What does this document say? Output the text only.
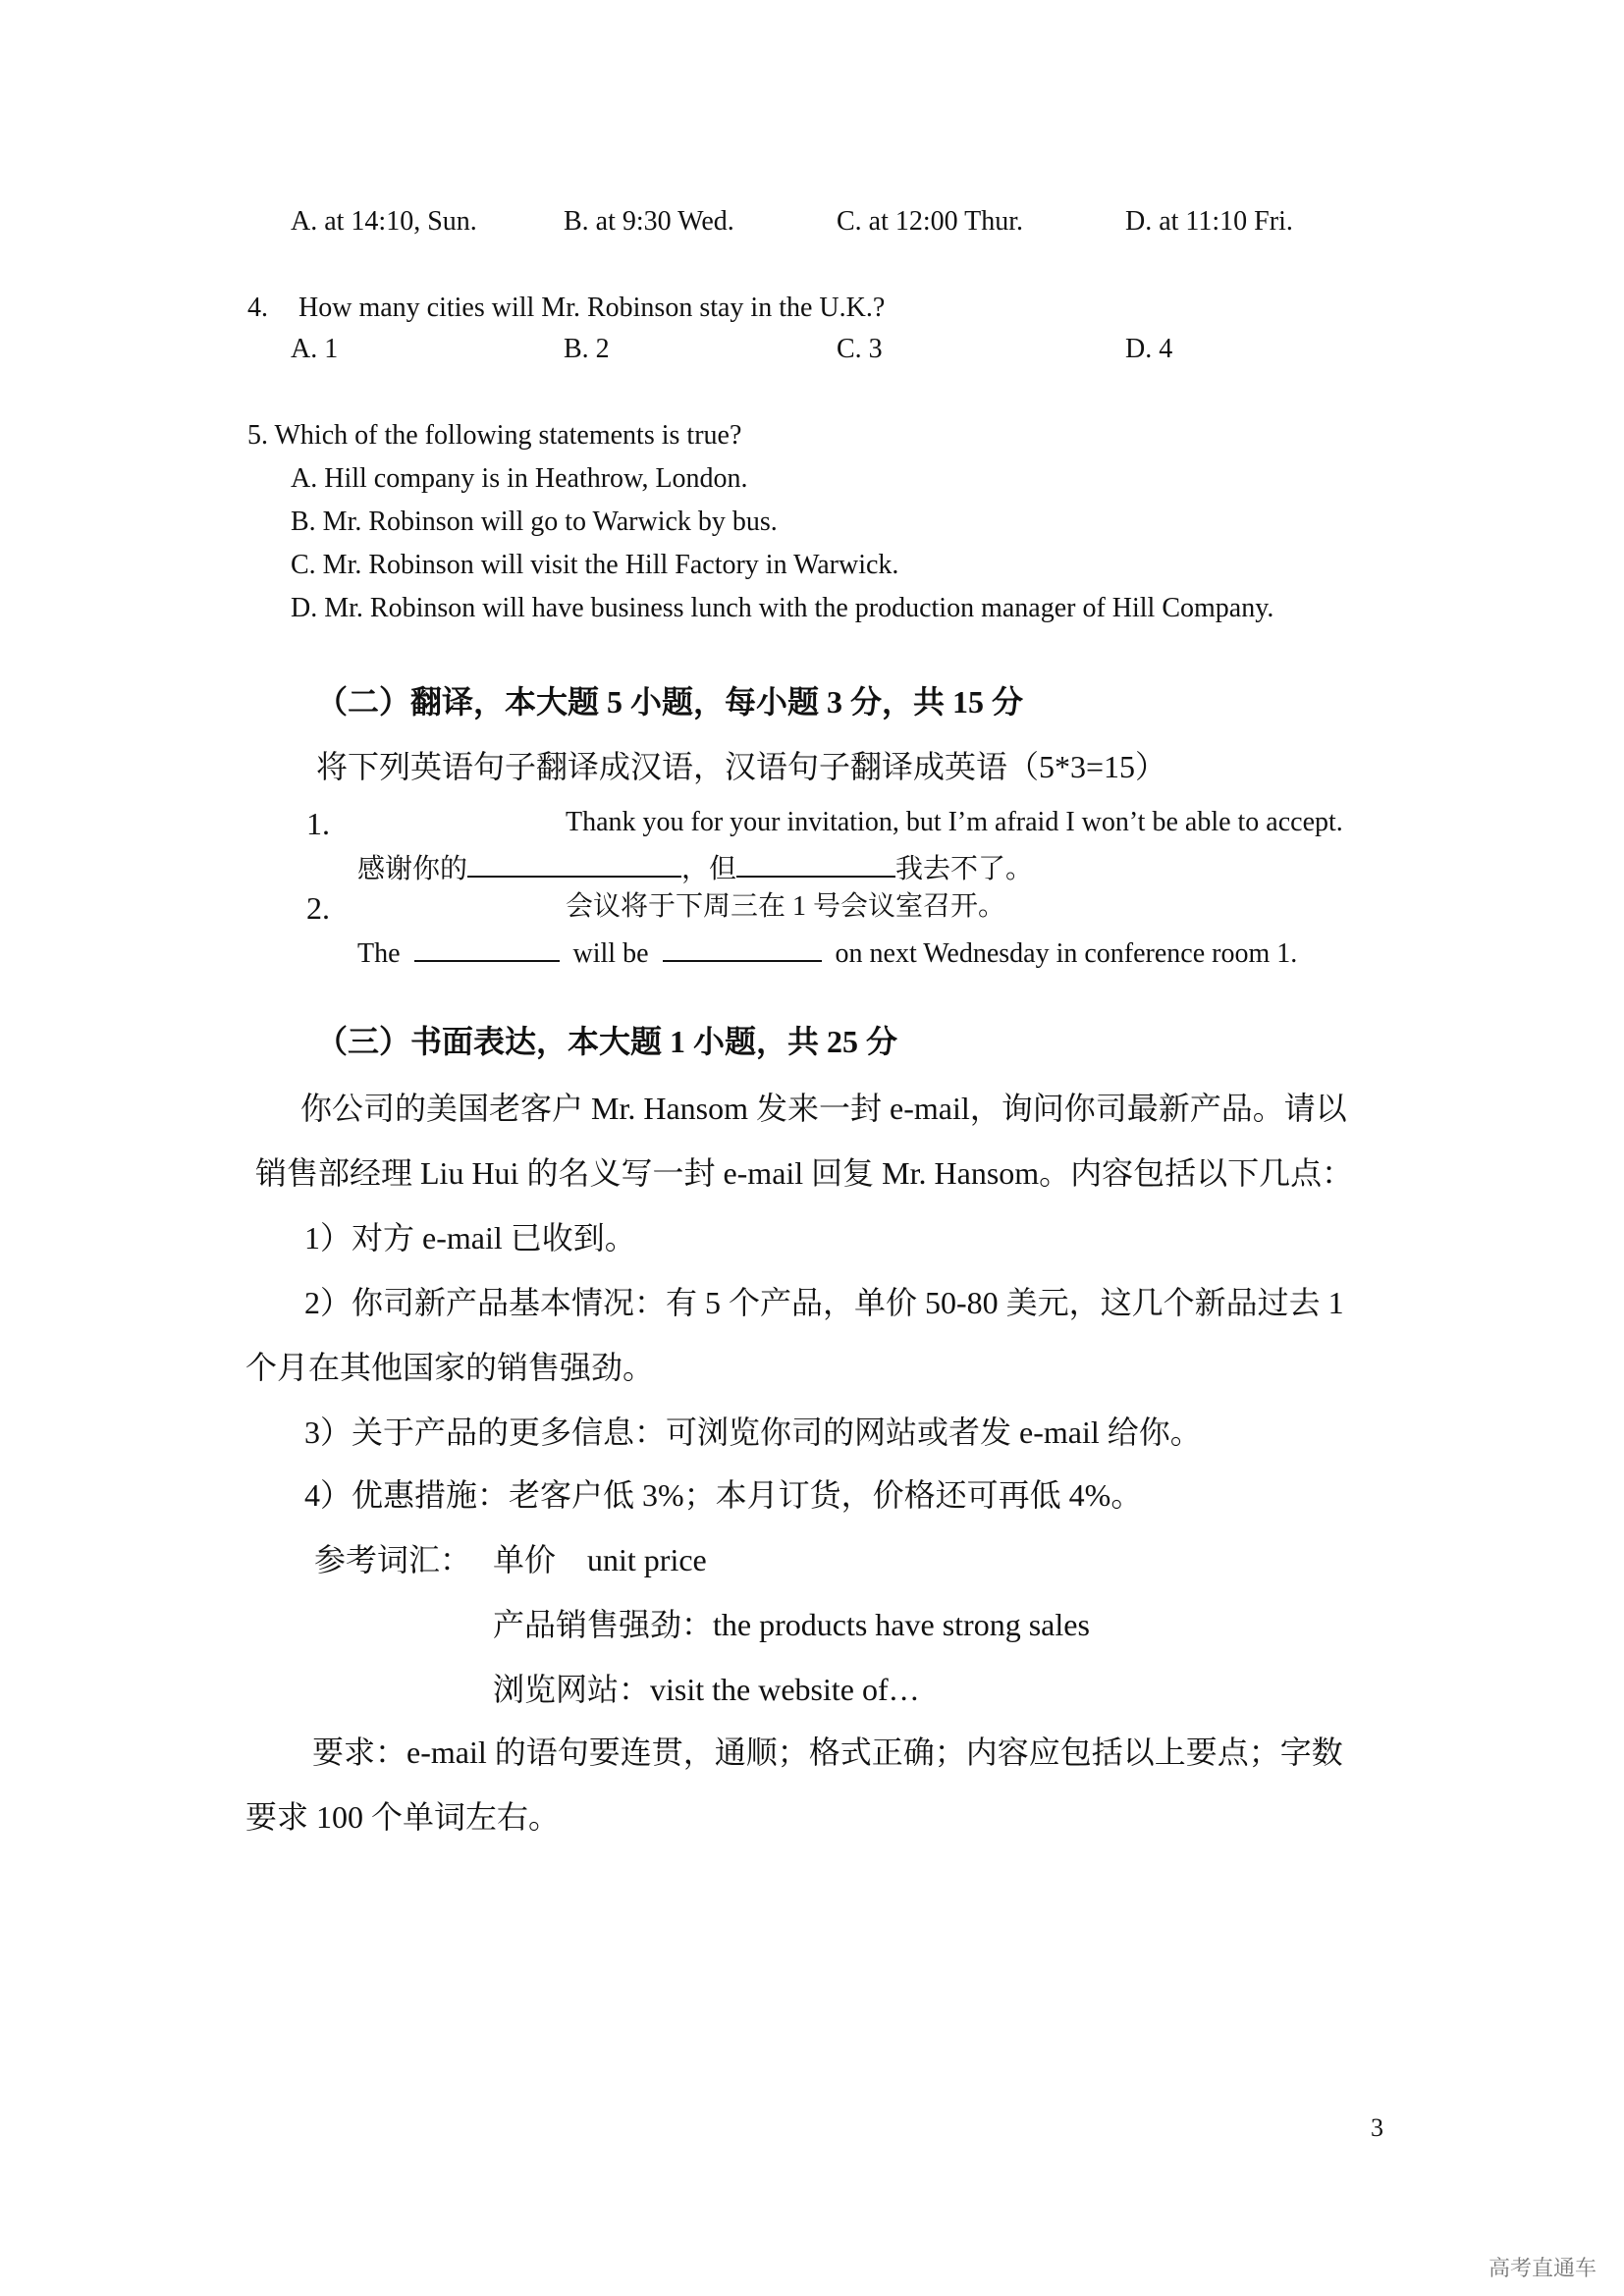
A. at 14:10, Sun.	B. at 9:30 Wed.	C. at 12:00 Thur.	D. at 11:10 Fri.
4. How many cities will Mr. Robinson stay in the U.K.?
A. 1	B. 2	C. 3	D. 4
5. Which of the following statements is true?
A. Hill company is in Heathrow, London.
B. Mr. Robinson will go to Warwick by bus.
C. Mr. Robinson will visit the Hill Factory in Warwick.
D. Mr. Robinson will have business lunch with the production manager of Hill Company.
（二）翻译，本大题 5 小题，每小题 3 分，共 15 分
将下列英语句子翻译成汉语，汉语句子翻译成英语（5*3=15）
1.	Thank you for your invitation, but I’m afraid I won’t be able to accept.
感谢你的	，但	我去不了。
2.	会议将于下周三在 1 号会议室召开。
The	will be	on next Wednesday in conference room 1.
（三）书面表达，本大题 1 小题，共 25 分
你公司的美国老客户 Mr. Hansom 发来一封 e-mail，询问你司最新产品。请以
销售部经理 Liu Hui 的名义写一封 e-mail 回复 Mr. Hansom。内容包括以下几点：
1）对方 e-mail 已收到。
2）你司新产品基本情况：有 5 个产品，单价 50-80 美元，这几个新品过去 1
个月在其他国家的销售强劲。
3）关于产品的更多信息：可浏览你司的网站或者发 e-mail 给你。
4）优惠措施：老客户低 3%；本月订货，价格还可再低 4%。
参考词汇： 单价　unit price
产品销售强劲：the products have strong sales
浏览网站：visit the website of…
要求：e-mail 的语句要连贯，通顺；格式正确；内容应包括以上要点；字数
要求 100 个单词左右。
3
高考直通车
